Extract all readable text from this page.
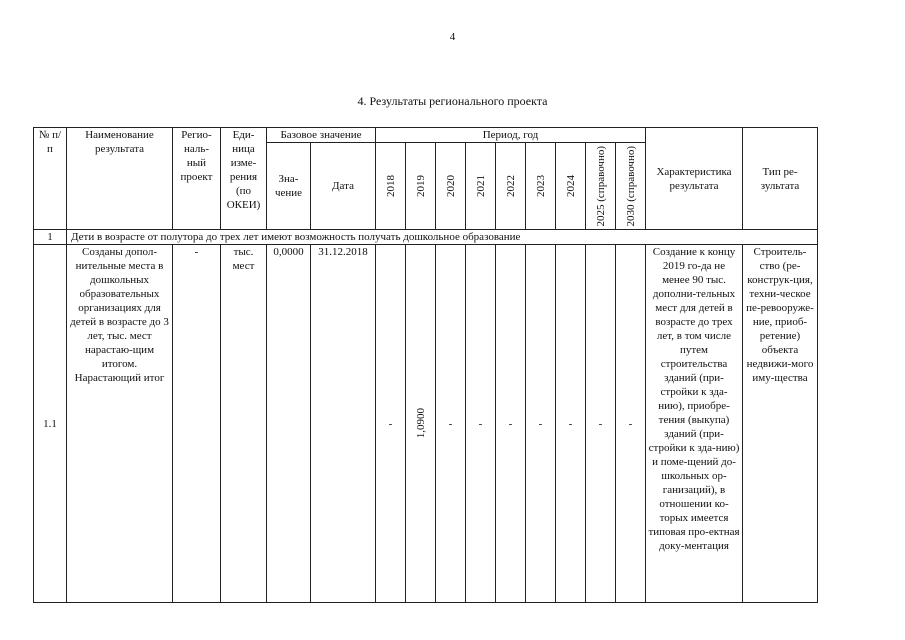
4
4. Результаты регионального проекта
№ п/п	Наименование результата	Регио-наль-ный проект	Еди-ница изме-рения (по ОКЕИ)	Базовое значение		Период, год									Характеристика результата	Тип ре-зультата
				Зна-чение	Дата	2018	2019	2020	2021	2022	2023	2024	2025 (справочно)	2030 (справочно)		

1	Дети в возрасте от полутора до трех лет имеют возможность получать дошкольное образование															
1.1	Созданы допол-нительные места в дошкольных образовательных организациях для детей в возрасте до 3 лет, тыс. мест нарастаю-щим итогом. Нарастающий итог	-	тыс. мест	0,0000	31.12.2018	-	1,0900	-	-	-	-	-	-	-	Создание к концу 2019 го-да не менее 90 тыс. дополни-тельных мест для детей в возрасте до трех лет, в том числе путем строительства зданий (при-стройки к зда-нию), приобре-тения (выкупа) зданий (при-стройки к зда-нию) и поме-щений до-школьных ор-ганизаций), в отношении ко-торых имеется типовая про-ектная доку-ментация	Строитель-ство (ре-конструк-ция, техни-ческое пе-ревооруже-ние, приоб-ретение) объекта недвижи-мого иму-щества
